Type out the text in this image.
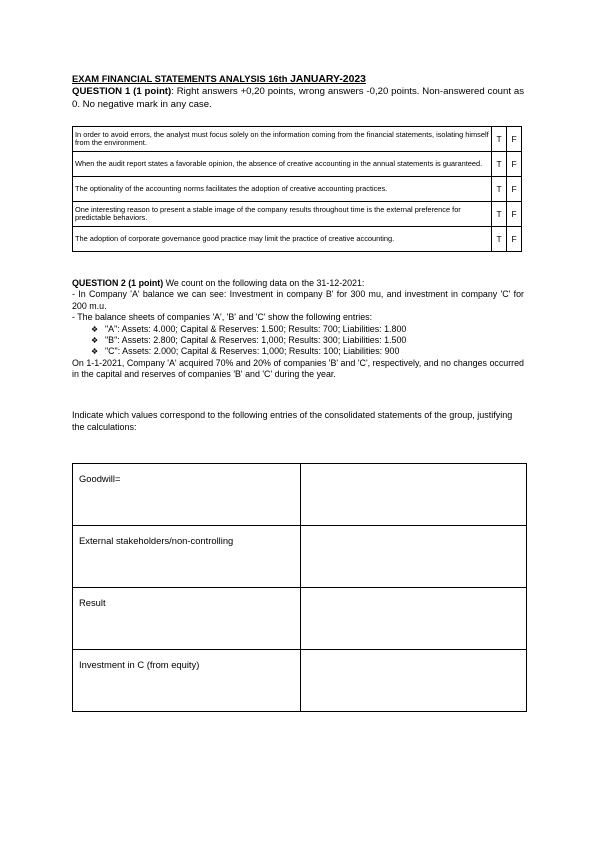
EXAM FINANCIAL STATEMENTS ANALYSIS 16th JANUARY-2023
QUESTION 1 (1 point): Right answers +0,20 points, wrong answers -0,20 points. Non-answered count as 0. No negative mark in any case.
In order to avoid errors, the analyst must focus solely on the information coming from the financial statements, isolating himself from the environment.	T	F
When the audit report states a favorable opinion, the absence of creative accounting in the annual statements is guaranteed.	T	F
The optionality of the accounting norms facilitates the adoption of creative accounting practices.	T	F
One interesting reason to present a stable image of the company results throughout time is the external preference for predictable behaviors.	T	F
The adoption of corporate governance good practice may limit the practice of creative accounting.	T	F

QUESTION 2 (1 point) We count on the following data on the 31-12-2021:

- In Company 'A' balance we can see: Investment in company B' for 300 mu, and investment in company 'C' for 200 m.u.

- The balance sheets of companies 'A', 'B' and 'C' show the following entries:

❖ "A": Assets: 4.000; Capital & Reserves: 1.500; Results: 700; Liabilities: 1.800
❖ "B": Assets: 2.800; Capital & Reserves: 1,000; Results: 300; Liabilities: 1.500
❖ "C": Assets: 2.000; Capital & Reserves: 1,000; Results: 100; Liabilities: 900

On 1-1-2021, Company 'A' acquired 70% and 20% of companies 'B' and 'C', respectively, and no changes occurred in the capital and reserves of companies 'B' and 'C' during the year.

Indicate which values correspond to the following entries of the consolidated statements of the group, justifying the calculations:
Goodwill=	
External stakeholders/non-controlling	
Result	
Investment in C (from equity)	
